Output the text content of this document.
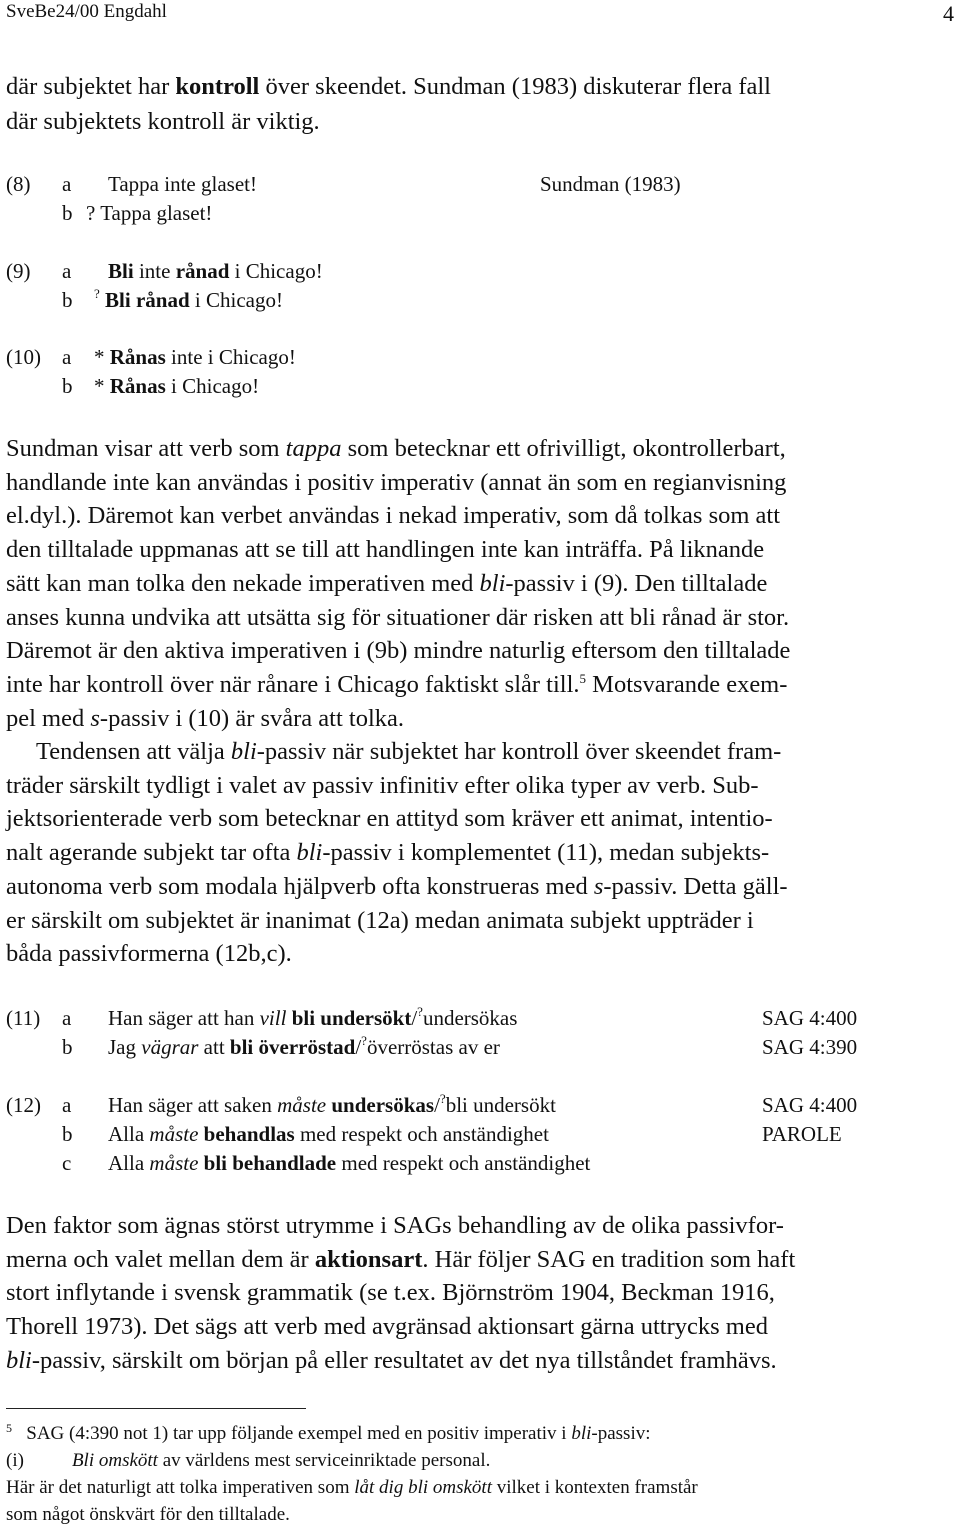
SveBe24/00 Engdahl	4
där subjektet har kontroll över skeendet. Sundman (1983) diskuterar flera fall
där subjektets kontroll är viktig.
(8) a Tappa inte glaset!	Sundman (1983)
b ? Tappa glaset!
(9) a Bli inte rånad i Chicago!
b ? Bli rånad i Chicago!
(10) a * Rånas inte i Chicago!
b * Rånas i Chicago!
Sundman visar att verb som tappa som betecknar ett ofrivilligt, okontrollerbart,
handlande inte kan användas i positiv imperativ (annat än som en regianvisning
el.dyl.). Däremot kan verbet användas i nekad imperativ, som då tolkas som att
den tilltalade uppmanas att se till att handlingen inte kan inträffa. På liknande
sätt kan man tolka den nekade imperativen med bli-passiv i (9). Den tilltalade
anses kunna undvika att utsätta sig för situationer där risken att bli rånad är stor.
Däremot är den aktiva imperativen i (9b) mindre naturlig eftersom den tilltalade
inte har kontroll över när rånare i Chicago faktiskt slår till.$^5$ Motsvarande exem-
pel med s-passiv i (10) är svåra att tolka.
Tendensen att välja bli-passiv när subjektet har kontroll över skeendet fram-
träder särskilt tydligt i valet av passiv infinitiv efter olika typer av verb. Sub-
jektsorienterade verb som betecknar en attityd som kräver ett animat, intentio-
nalt agerande subjekt tar ofta bli-passiv i komplementet (11), medan subjekts-
autonoma verb som modala hjälpverb ofta konstrueras med s-passiv. Detta gäll-
er särskilt om subjektet är inanimat (12a) medan animata subjekt uppträder i
båda passivformerna (12b,c).
(11) a Han säger att han vill bli undersökt/?undersökas	SAG 4:400
b Jag vägrar att bli överröstad/?överröstas av er	SAG 4:390
(12) a Han säger att saken måste undersökas/?bli undersökt	SAG 4:400
b Alla måste behandlas med respekt och anständighet	PAROLE
c Alla måste bli behandlade med respekt och anständighet
Den faktor som ägnas störst utrymme i SAGs behandling av de olika passivfor-
merna och valet mellan dem är aktionsart. Här följer SAG en tradition som haft
stort inflytande i svensk grammatik (se t.ex. Björnström 1904, Beckman 1916,
Thorell 1973). Det sägs att verb med avgränsad aktionsart gärna uttrycks med
bli-passiv, särskilt om början på eller resultatet av det nya tillståndet framhävs.
$^5$ SAG (4:390 not 1) tar upp följande exempel med en positiv imperativ i bli-passiv:
(i)	Bli omskött av världens mest serviceinriktade personal.
Här är det naturligt att tolka imperativen som låt dig bli omskött vilket i kontexten framstår
som något önskvärt för den tilltalade.
